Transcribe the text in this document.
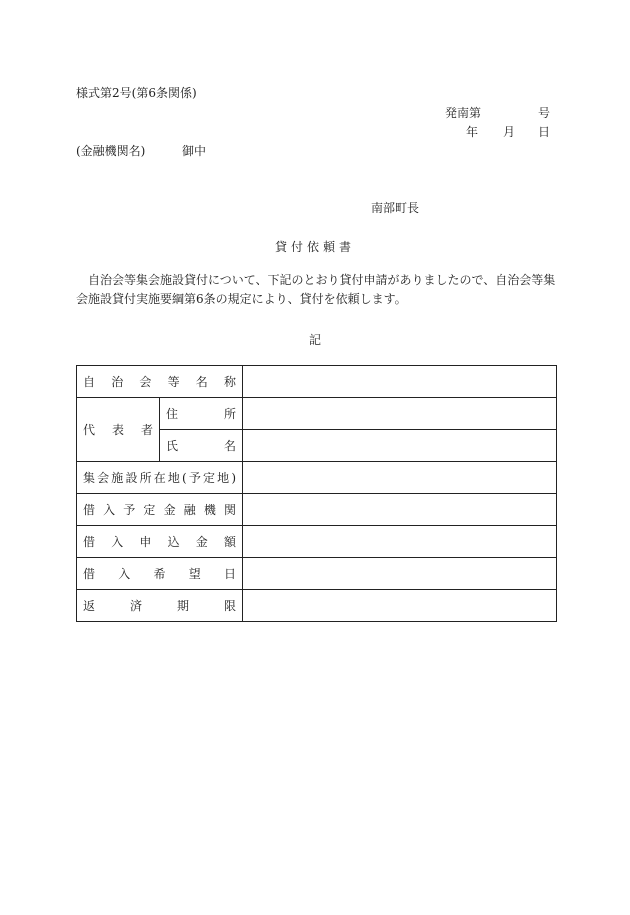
様式第2号(第6条関係)
発南第	号
年 月 日
(金融機関名)	御中
南部町長
貸付依頼書
自治会等集会施設貸付について、下記のとおり貸付申請がありましたので、自治会等集会施設貸付実施要綱第6条の規定により、貸付を依頼します。
記
自治会等名称		
代表者	住所	
	氏名	
集会施設所在地(予定地)		
借入予定金融機関		
借入申込金額		
借入希望日		
返済期限		
